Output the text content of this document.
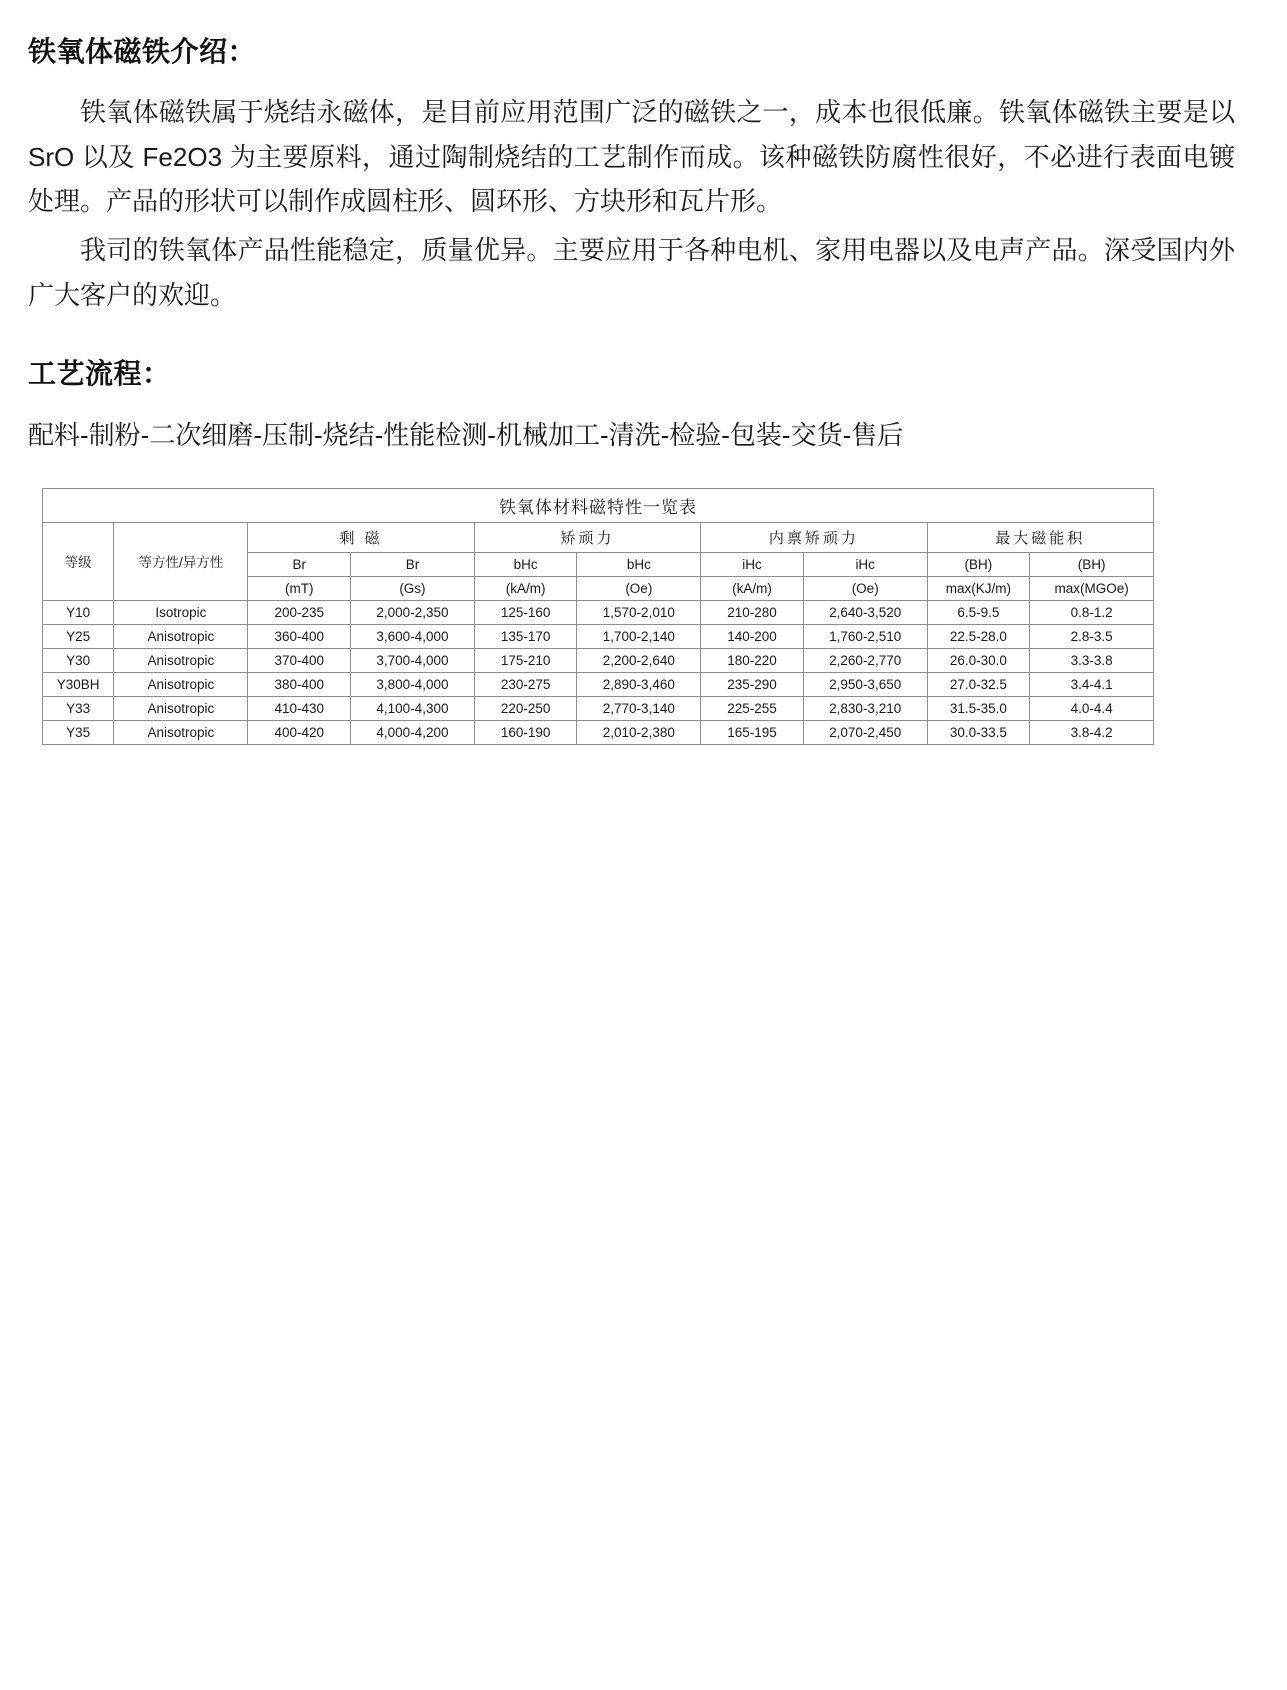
铁氧体磁铁介绍：

铁氧体磁铁属于烧结永磁体，是目前应用范围广泛的磁铁之一，成本也很低廉。铁氧体磁铁主要是以 SrO 以及 Fe2O3 为主要原料，通过陶制烧结的工艺制作而成。该种磁铁防腐性很好，不必进行表面电镀处理。产品的形状可以制作成圆柱形、圆环形、方块形和瓦片形。

我司的铁氧体产品性能稳定，质量优异。主要应用于各种电机、家用电器以及电声产品。深受国内外广大客户的欢迎。

工艺流程：

配料-制粉-二次细磨-压制-烧结-性能检测-机械加工-清洗-检验-包装-交货-售后

铁氧体材料磁特性一览表									
等级	等方性/异方性	剩 磁		矫顽力		内禀矫顽力		最大磁能积	
		Br	Br	bHc	bHc	iHc	iHc	(BH)	(BH)
		(mT)	(Gs)	(kA/m)	(Oe)	(kA/m)	(Oe)	max(KJ/m)	max(MGOe)
Y10	Isotropic	200-235	2,000-2,350	125-160	1,570-2,010	210-280	2,640-3,520	6.5-9.5	0.8-1.2
Y25	Anisotropic	360-400	3,600-4,000	135-170	1,700-2,140	140-200	1,760-2,510	22.5-28.0	2.8-3.5
Y30	Anisotropic	370-400	3,700-4,000	175-210	2,200-2,640	180-220	2,260-2,770	26.0-30.0	3.3-3.8
Y30BH	Anisotropic	380-400	3,800-4,000	230-275	2,890-3,460	235-290	2,950-3,650	27.0-32.5	3.4-4.1
Y33	Anisotropic	410-430	4,100-4,300	220-250	2,770-3,140	225-255	2,830-3,210	31.5-35.0	4.0-4.4
Y35	Anisotropic	400-420	4,000-4,200	160-190	2,010-2,380	165-195	2,070-2,450	30.0-33.5	3.8-4.2
